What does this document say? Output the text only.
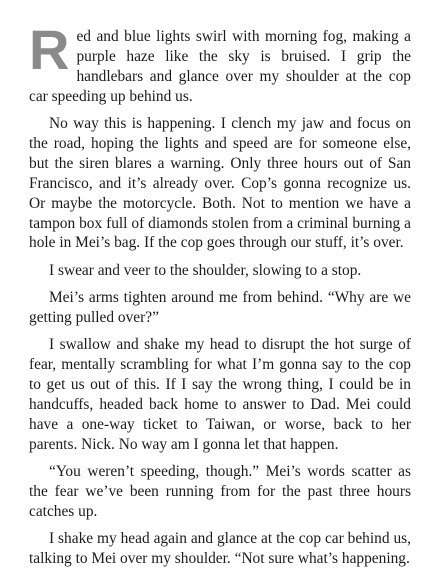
Red and blue lights swirl with morning fog, making a purple haze like the sky is bruised. I grip the handlebars and glance over my shoulder at the cop car speeding up behind us.

No way this is happening. I clench my jaw and focus on the road, hoping the lights and speed are for someone else, but the siren blares a warning. Only three hours out of San Francisco, and it’s already over. Cop’s gonna recognize us. Or maybe the motorcycle. Both. Not to mention we have a tampon box full of diamonds stolen from a criminal burning a hole in Mei’s bag. If the cop goes through our stuff, it’s over.

I swear and veer to the shoulder, slowing to a stop.

Mei’s arms tighten around me from behind. “Why are we getting pulled over?”

I swallow and shake my head to disrupt the hot surge of fear, mentally scrambling for what I’m gonna say to the cop to get us out of this. If I say the wrong thing, I could be in handcuffs, headed back home to answer to Dad. Mei could have a one-way ticket to Taiwan, or worse, back to her parents. Nick. No way am I gonna let that happen.

“You weren’t speeding, though.” Mei’s words scatter as the fear we’ve been running from for the past three hours catches up.

I shake my head again and glance at the cop car behind us, talking to Mei over my shoulder. “Not sure what’s happening.
